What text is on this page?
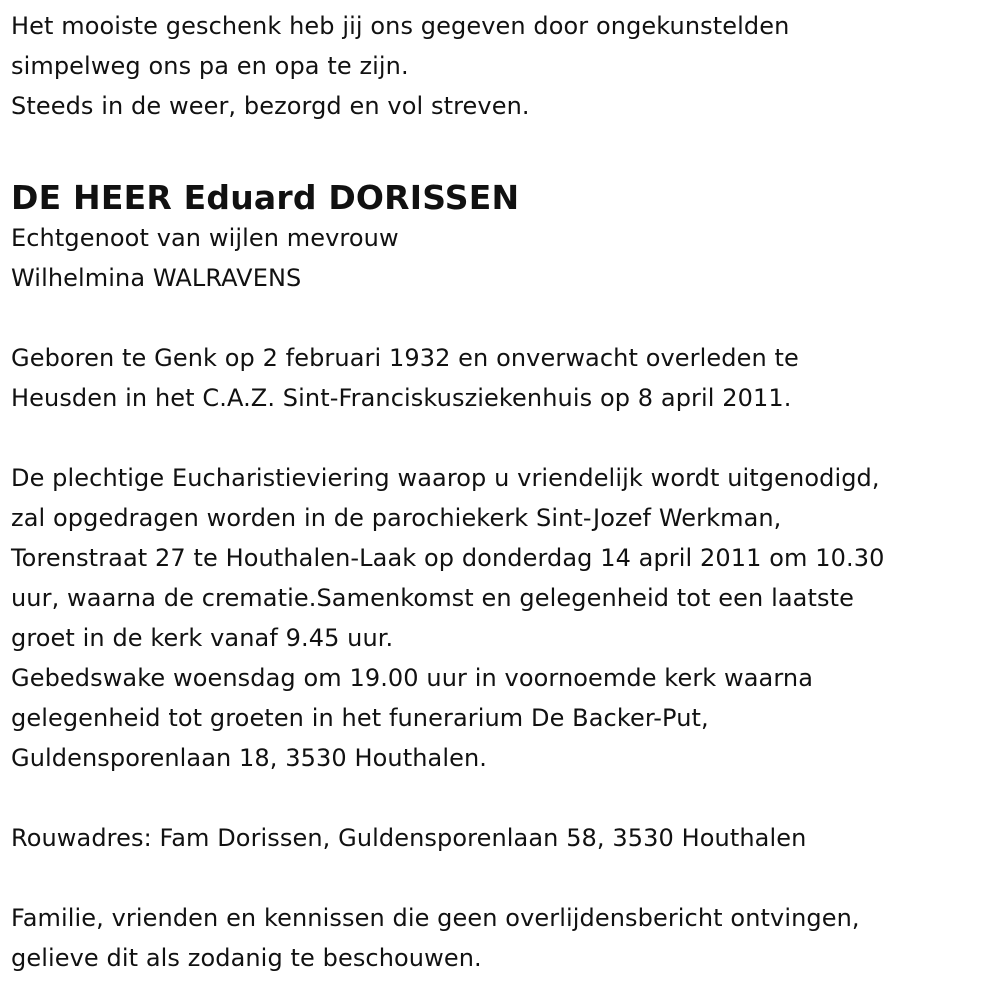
Het mooiste geschenk heb jij ons gegeven door ongekunstelden
simpelweg ons pa en opa te zijn.
Steeds in de weer, bezorgd en vol streven.
DE HEER Eduard DORISSEN
Echtgenoot van wijlen mevrouw
Wilhelmina WALRAVENS
Geboren te Genk op 2 februari 1932 en onverwacht overleden te
Heusden in het C.A.Z. Sint-Franciskusziekenhuis op 8 april 2011.
De plechtige Eucharistieviering waarop u vriendelijk wordt uitgenodigd,
zal opgedragen worden in de parochiekerk Sint-Jozef Werkman,
Torenstraat 27 te Houthalen-Laak op donderdag 14 april 2011 om 10.30
uur, waarna de crematie.Samenkomst en gelegenheid tot een laatste
groet in de kerk vanaf 9.45 uur.
Gebedswake woensdag om 19.00 uur in voornoemde kerk waarna
gelegenheid tot groeten in het funerarium De Backer-Put,
Guldensporenlaan 18, 3530 Houthalen.
Rouwadres: Fam Dorissen, Guldensporenlaan 58, 3530 Houthalen
Familie, vrienden en kennissen die geen overlijdensbericht ontvingen,
gelieve dit als zodanig te beschouwen.
